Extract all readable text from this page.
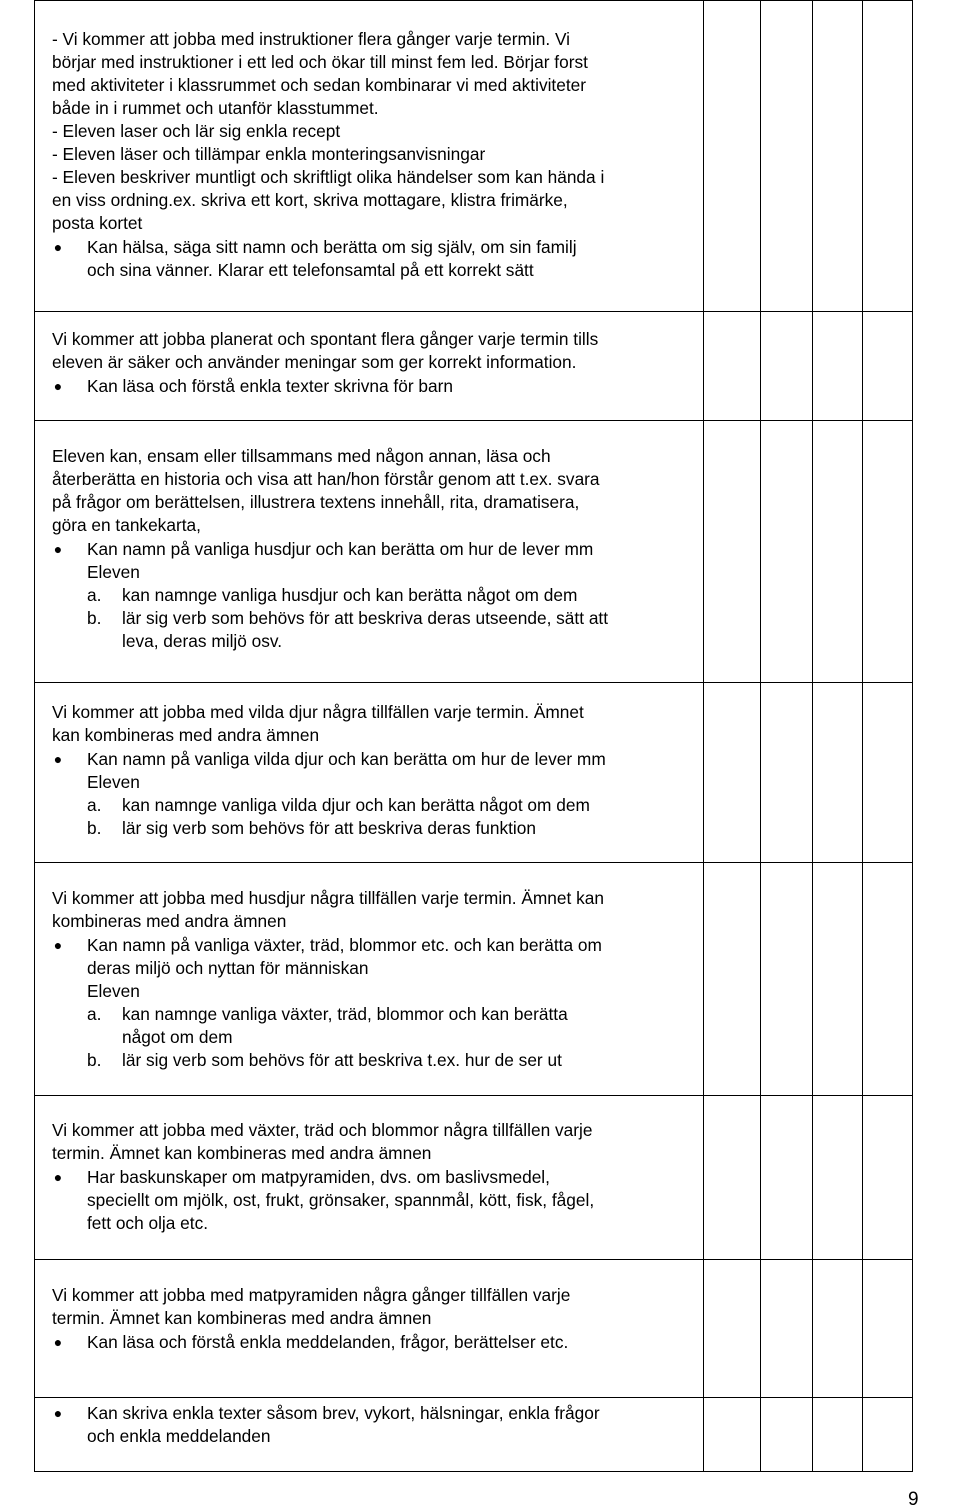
- Vi kommer att jobba med instruktioner flera gånger varje termin. Vi
börjar med instruktioner i ett led och ökar till minst fem led. Börjar forst
med aktiviteter i klassrummet och sedan kombinarar vi med aktiviteter
både in i rummet och utanför klasstummet.
- Eleven laser och lär sig enkla recept
- Eleven läser och tillämpar enkla monteringsanvisningar
- Eleven beskriver muntligt och skriftligt olika händelser som kan hända i
en viss ordning.ex. skriva ett kort, skriva mottagare, klistra frimärke,
posta kortet
●	Kan hälsa, säga sitt namn och berätta om sig själv, om sin familj
och sina vänner. Klarar ett telefonsamtal på ett korrekt sätt
Vi kommer att jobba planerat och spontant flera gånger varje termin tills
eleven är säker och använder meningar som ger korrekt information.
●	Kan läsa och förstå enkla texter skrivna för barn
Eleven kan, ensam eller tillsammans med någon annan, läsa och
återberätta en historia och visa att han/hon förstår genom att t.ex. svara
på frågor om berättelsen, illustrera textens innehåll, rita, dramatisera,
göra en tankekarta,
●	Kan namn på vanliga husdjur och kan berätta om hur de lever mm
Eleven
a. kan namnge vanliga husdjur och kan berätta något om dem
b. lär sig verb som behövs för att beskriva deras utseende, sätt att
leva, deras miljö osv.
Vi kommer att jobba med vilda djur några tillfällen varje termin. Ämnet
kan kombineras med andra ämnen
●	Kan namn på vanliga vilda djur och kan berätta om hur de lever mm
Eleven
a. kan namnge vanliga vilda djur och kan berätta något om dem
b. lär sig verb som behövs för att beskriva deras funktion
Vi kommer att jobba med husdjur några tillfällen varje termin. Ämnet kan
kombineras med andra ämnen
●	Kan namn på vanliga växter, träd, blommor etc. och kan berätta om
deras miljö och nyttan för människan
Eleven
a. kan namnge vanliga växter, träd, blommor och kan berätta
något om dem
b. lär sig verb som behövs för att beskriva t.ex. hur de ser ut
Vi kommer att jobba med växter, träd och blommor några tillfällen varje
termin. Ämnet kan kombineras med andra ämnen
●	Har baskunskaper om matpyramiden, dvs. om baslivsmedel,
speciellt om mjölk, ost, frukt, grönsaker, spannmål, kött, fisk, fågel,
fett och olja etc.
Vi kommer att jobba med matpyramiden några gånger tillfällen varje
termin. Ämnet kan kombineras med andra ämnen
●	Kan läsa och förstå enkla meddelanden, frågor, berättelser etc.
●	Kan skriva enkla texter såsom brev, vykort, hälsningar, enkla frågor
och enkla meddelanden
9
